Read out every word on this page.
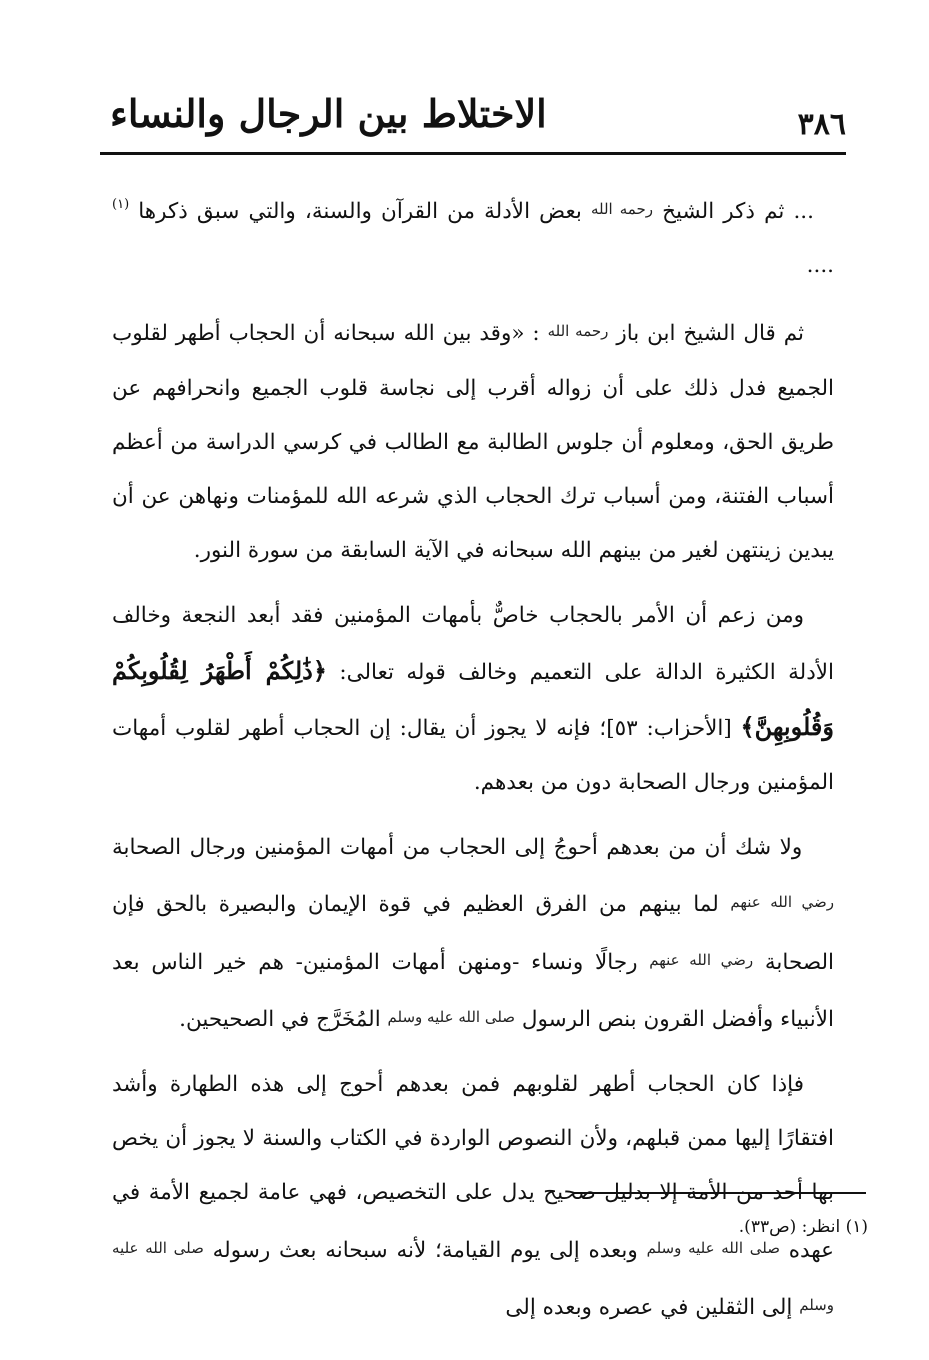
٣٨٦
الاختلاط بين الرجال والنساء

... ثم ذكر الشيخ رحمه الله بعض الأدلة من القرآن والسنة، والتي سبق ذكرها $^{(١)}$ ....

ثم قال الشيخ ابن باز رحمه الله : «وقد بين الله سبحانه أن الحجاب أطهر لقلوب الجميع فدل ذلك على أن زواله أقرب إلى نجاسة قلوب الجميع وانحرافهم عن طريق الحق، ومعلوم أن جلوس الطالبة مع الطالب في كرسي الدراسة من أعظم أسباب الفتنة، ومن أسباب ترك الحجاب الذي شرعه الله للمؤمنات ونهاهن عن أن يبدين زينتهن لغير من بينهم الله سبحانه في الآية السابقة من سورة النور.

ومن زعم أن الأمر بالحجاب خاصٌّ بأمهات المؤمنين فقد أبعد النجعة وخالف الأدلة الكثيرة الدالة على التعميم وخالف قوله تعالى: ﴿ذَٰلِكُمْ أَطْهَرُ لِقُلُوبِكُمْ وَقُلُوبِهِنَّ﴾ [الأحزاب: ٥٣]؛ فإنه لا يجوز أن يقال: إن الحجاب أطهر لقلوب أمهات المؤمنين ورجال الصحابة دون من بعدهم.

ولا شك أن من بعدهم أحوجُ إلى الحجاب من أمهات المؤمنين ورجال الصحابة رضي الله عنهم لما بينهم من الفرق العظيم في قوة الإيمان والبصيرة بالحق فإن الصحابة رضي الله عنهم رجالًا ونساء -ومنهن أمهات المؤمنين- هم خير الناس بعد الأنبياء وأفضل القرون بنص الرسول صلى الله عليه وسلم المُخَرَّج في الصحيحين.

فإذا كان الحجاب أطهر لقلوبهم فمن بعدهم أحوج إلى هذه الطهارة وأشد افتقارًا إليها ممن قبلهم، ولأن النصوص الواردة في الكتاب والسنة لا يجوز أن يخص بها أحد من الأمة إلا بدليل صحيح يدل على التخصيص، فهي عامة لجميع الأمة في عهده صلى الله عليه وسلم وبعده إلى يوم القيامة؛ لأنه سبحانه بعث رسوله صلى الله عليه وسلم إلى الثقلين في عصره وبعده إلى

(١) انظر: (ص٣٣).
